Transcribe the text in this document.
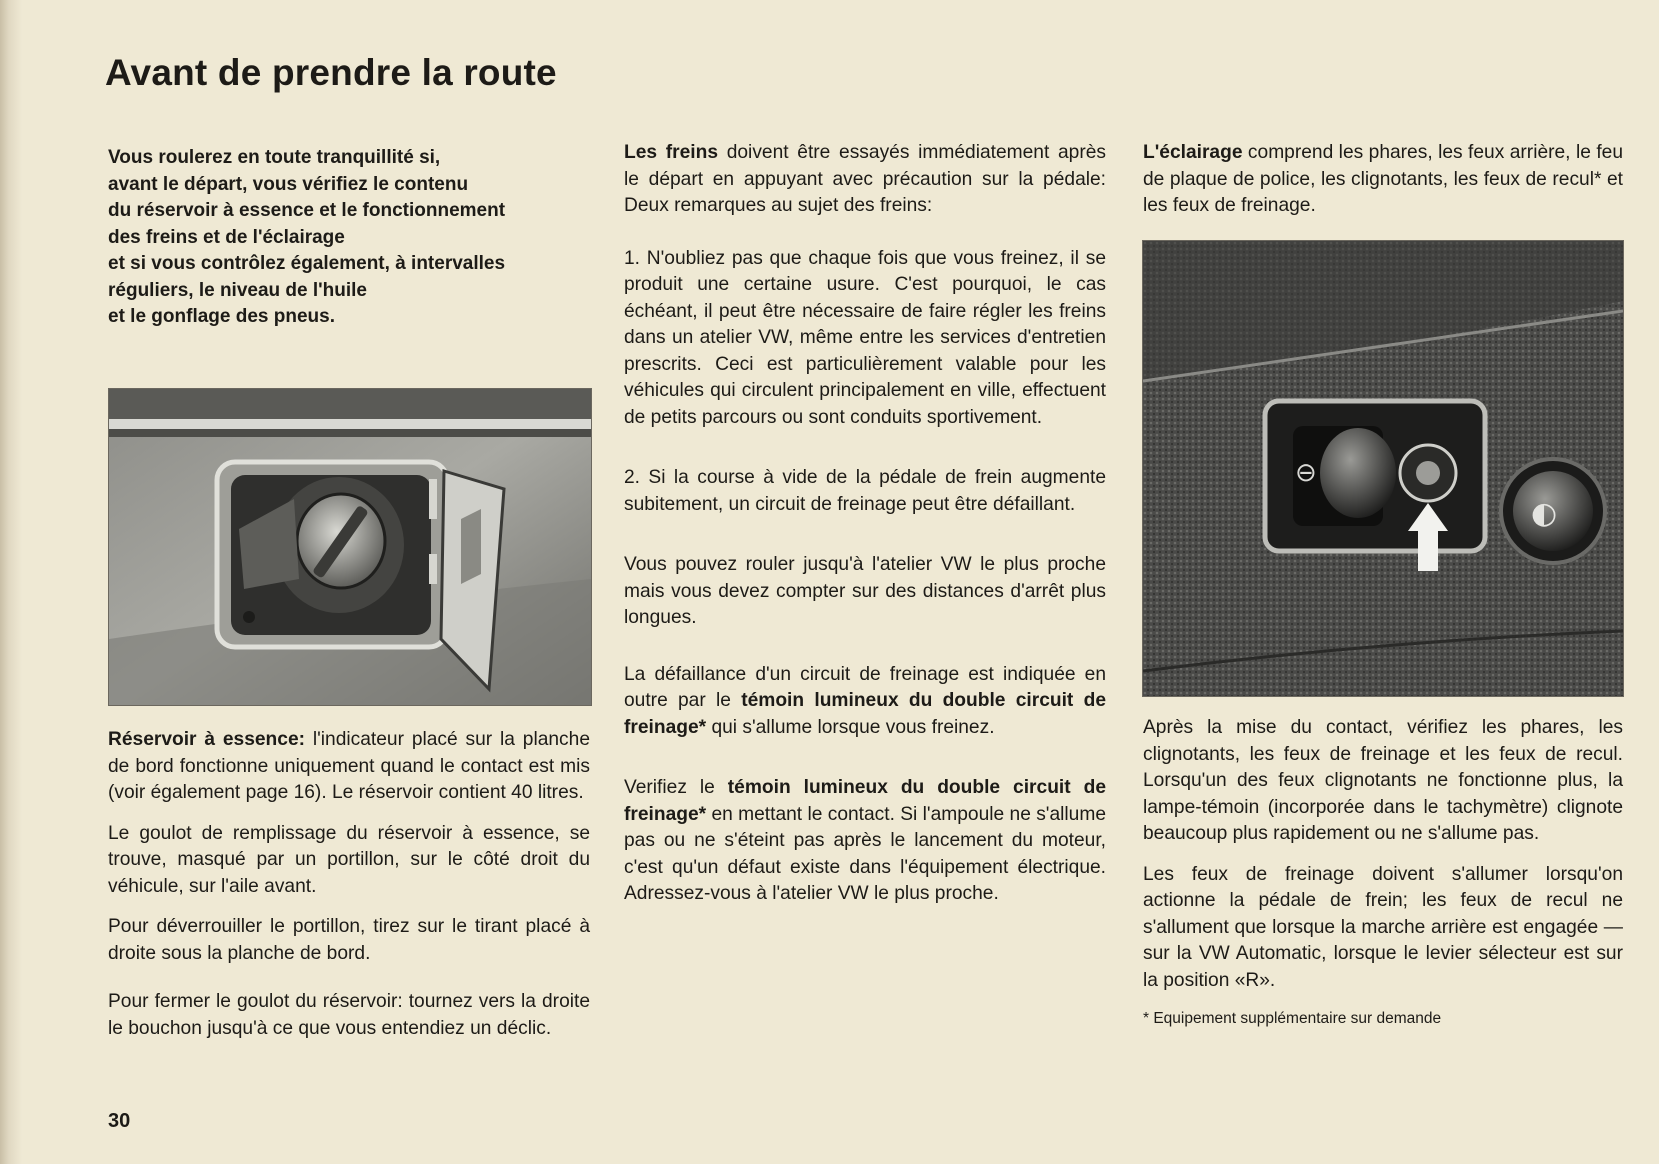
Avant de prendre la route

Vous roulerez en toute tranquillité si,
avant le départ, vous vérifiez le contenu
du réservoir à essence et le fonctionnement
des freins et de l'éclairage
et si vous contrôlez également, à intervalles
réguliers, le niveau de l'huile
et le gonflage des pneus.

Réservoir à essence: l'indicateur placé sur la planche de bord fonctionne uniquement quand le contact est mis (voir également page 16). Le réservoir contient 40 litres.

Le goulot de remplissage du réservoir à essence, se trouve, masqué par un portillon, sur le côté droit du véhicule, sur l'aile avant.

Pour déverrouiller le portillon, tirez sur le tirant placé à droite sous la planche de bord.

Pour fermer le goulot du réservoir: tournez vers la droite le bouchon jusqu'à ce que vous entendiez un déclic.

Les freins doivent être essayés immédiatement après le départ en appuyant avec précaution sur la pédale: Deux remarques au sujet des freins:

1. N'oubliez pas que chaque fois que vous freinez, il se produit une certaine usure. C'est pourquoi, le cas échéant, il peut être nécessaire de faire régler les freins dans un atelier VW, même entre les services d'entretien prescrits. Ceci est particulièrement valable pour les véhicules qui circulent principalement en ville, effectuent de petits parcours ou sont conduits sportivement.

2. Si la course à vide de la pédale de frein augmente subitement, un circuit de freinage peut être défaillant.

Vous pouvez rouler jusqu'à l'atelier VW le plus proche mais vous devez compter sur des distances d'arrêt plus longues.

La défaillance d'un circuit de freinage est indiquée en outre par le témoin lumineux du double circuit de freinage* qui s'allume lorsque vous freinez.

Verifiez le témoin lumineux du double circuit de freinage* en mettant le contact. Si l'ampoule ne s'allume pas ou ne s'éteint pas après le lancement du moteur, c'est qu'un défaut existe dans l'équipement électrique. Adressez-vous à l'atelier VW le plus proche.

L'éclairage comprend les phares, les feux arrière, le feu de plaque de police, les clignotants, les feux de recul* et les feux de freinage.

⊖
◐

Après la mise du contact, vérifiez les phares, les clignotants, les feux de freinage et les feux de recul. Lorsqu'un des feux clignotants ne fonctionne plus, la lampe-témoin (incorporée dans le tachymètre) clignote beaucoup plus rapidement ou ne s'allume pas.

Les feux de freinage doivent s'allumer lorsqu'on actionne la pédale de frein; les feux de recul ne s'allument que lorsque la marche arrière est engagée — sur la VW Automatic, lorsque le levier sélecteur est sur la position «R».

* Equipement supplémentaire sur demande

30
